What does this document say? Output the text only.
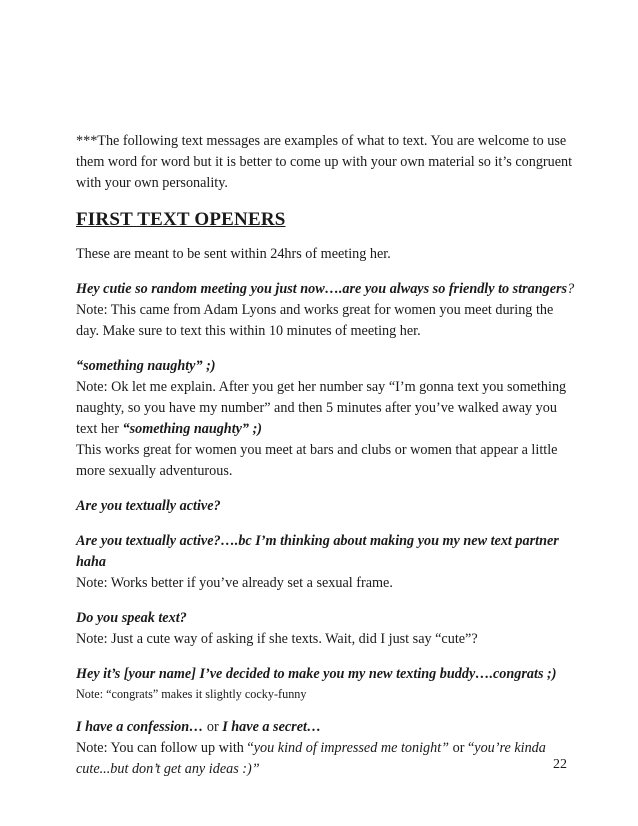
***The following text messages are examples of what to text. You are welcome to use them word for word but it is better to come up with your own material so it’s congruent with your own personality.

FIRST TEXT OPENERS

These are meant to be sent within 24hrs of meeting her.

Hey cutie so random meeting you just now….are you always so friendly to strangers?

Note: This came from Adam Lyons and works great for women you meet during the day. Make sure to text this within 10 minutes of meeting her.

“something naughty” ;)

Note: Ok let me explain. After you get her number say “I’m gonna text you something naughty, so you have my number” and then 5 minutes after you’ve walked away you text her “something naughty” ;)

This works great for women you meet at bars and clubs or women that appear a little more sexually adventurous.

Are you textually active?

Are you textually active?….bc I’m thinking about making you my new text partner haha

Note: Works better if you’ve already set a sexual frame.

Do you speak text?

Note: Just a cute way of asking if she texts. Wait, did I just say “cute”?

Hey it’s [your name] I’ve decided to make you my new texting buddy….congrats ;)

Note: “congrats” makes it slightly cocky-funny

I have a confession… or I have a secret…

Note: You can follow up with “you kind of impressed me tonight” or “you’re kinda cute...but don’t get any ideas :)”	22
